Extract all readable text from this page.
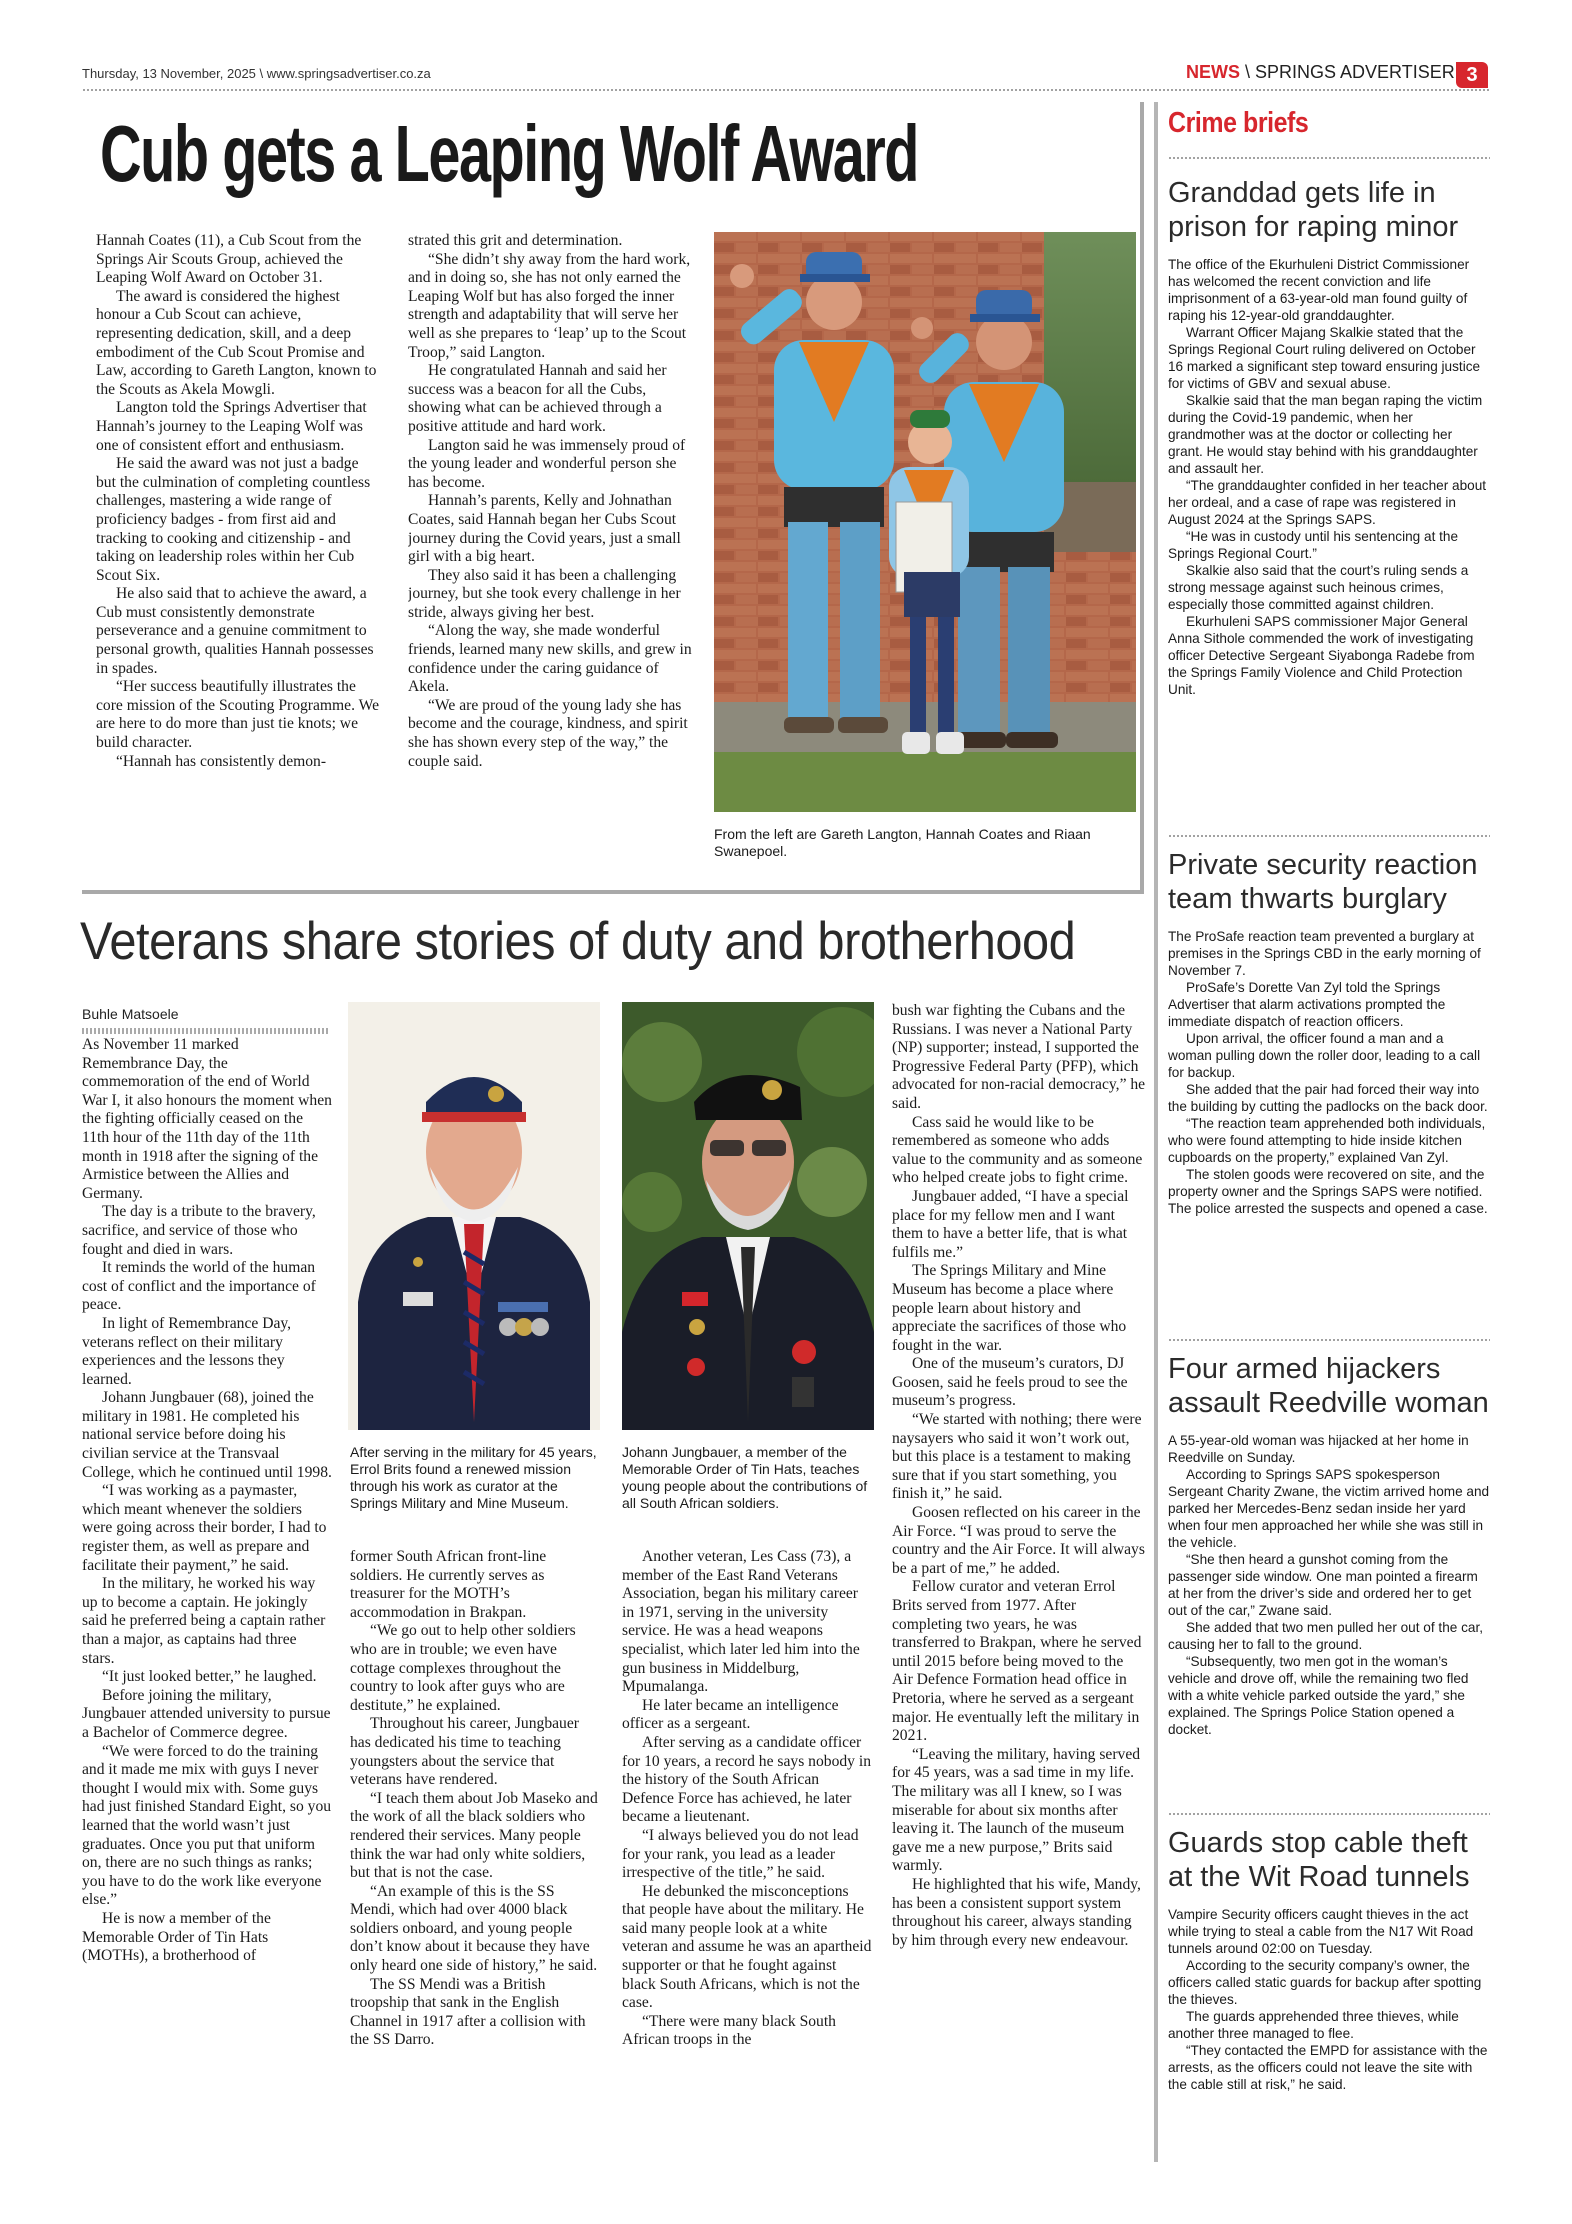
Thursday, 13 November, 2025 \ www.springsadvertiser.co.za	NEWS \ SPRINGS ADVERTISER 3
Cub gets a Leaping Wolf Award

Hannah Coates (11), a Cub Scout from the Springs Air Scouts Group, achieved the Leaping Wolf Award on October 31.

The award is considered the highest honour a Cub Scout can achieve, representing dedication, skill, and a deep embodiment of the Cub Scout Promise and Law, according to Gareth Langton, known to the Scouts as Akela Mowgli.

Langton told the Springs Advertiser that Hannah’s journey to the Leaping Wolf was one of consistent effort and enthusiasm.

He said the award was not just a badge but the culmination of completing countless challenges, mastering a wide range of proficiency badges - from first aid and tracking to cooking and citizenship - and taking on leadership roles within her Cub Scout Six.

He also said that to achieve the award, a Cub must consistently demonstrate perseverance and a genuine commitment to personal growth, qualities Hannah possesses in spades.

“Her success beautifully illustrates the core mission of the Scouting Programme. We are here to do more than just tie knots; we build character.

“Hannah has consistently demon-

strated this grit and determination.

“She didn’t shy away from the hard work, and in doing so, she has not only earned the Leaping Wolf but has also forged the inner strength and adaptability that will serve her well as she prepares to ‘leap’ up to the Scout Troop,” said Langton.

He congratulated Hannah and said her success was a beacon for all the Cubs, showing what can be achieved through a positive attitude and hard work.

Langton said he was immensely proud of the young leader and wonderful person she has become.

Hannah’s parents, Kelly and Johnathan Coates, said Hannah began her Cubs Scout journey during the Covid years, just a small girl with a big heart.

They also said it has been a challenging journey, but she took every challenge in her stride, always giving her best.

“Along the way, she made wonderful friends, learned many new skills, and grew in confidence under the caring guidance of Akela.

“We are proud of the young lady she has become and the courage, kindness, and spirit she has shown every step of the way,” the couple said.

From the left are Gareth Langton, Hannah Coates and Riaan Swanepoel.
Veterans share stories of duty and brotherhood
Buhle Matsoele

As November 11 marked Remembrance Day, the commemoration of the end of World War I, it also honours the moment when the fighting officially ceased on the 11th hour of the 11th day of the 11th month in 1918 after the signing of the Armistice between the Allies and Germany.

The day is a tribute to the bravery, sacrifice, and service of those who fought and died in wars.

It reminds the world of the human cost of conflict and the importance of peace.

In light of Remembrance Day, veterans reflect on their military experiences and the lessons they learned.

Johann Jungbauer (68), joined the military in 1981. He completed his national service before doing his civilian service at the Transvaal College, which he continued until 1998.

“I was working as a paymaster, which meant whenever the soldiers were going across their border, I had to register them, as well as prepare and facilitate their payment,” he said.

In the military, he worked his way up to become a captain. He jokingly said he preferred being a captain rather than a major, as captains had three stars.

“It just looked better,” he laughed.

Before joining the military, Jungbauer attended university to pursue a Bachelor of Commerce degree.

“We were forced to do the training and it made me mix with guys I never thought I would mix with. Some guys had just finished Standard Eight, so you learned that the world wasn’t just graduates. Once you put that uniform on, there are no such things as ranks; you have to do the work like everyone else.”

He is now a member of the Memorable Order of Tin Hats (MOTHs), a brotherhood of

After serving in the military for 45 years, Errol Brits found a renewed mission through his work as curator at the Springs Military and Mine Museum.
Johann Jungbauer, a member of the Memorable Order of Tin Hats, teaches young people about the contributions of all South African soldiers.

former South African front-line soldiers. He currently serves as treasurer for the MOTH’s accommodation in Brakpan.

“We go out to help other soldiers who are in trouble; we even have cottage complexes throughout the country to look after guys who are destitute,” he explained.

Throughout his career, Jungbauer has dedicated his time to teaching youngsters about the service that veterans have rendered.

“I teach them about Job Maseko and the work of all the black soldiers who rendered their services. Many people think the war had only white soldiers, but that is not the case.

“An example of this is the SS Mendi, which had over 4000 black soldiers onboard, and young people don’t know about it because they have only heard one side of history,” he said.

The SS Mendi was a British troopship that sank in the English Channel in 1917 after a collision with the SS Darro.

Another veteran, Les Cass (73), a member of the East Rand Veterans Association, began his military career in 1971, serving in the university service. He was a head weapons specialist, which later led him into the gun business in Middelburg, Mpumalanga.

He later became an intelligence officer as a sergeant.

After serving as a candidate officer for 10 years, a record he says nobody in the history of the South African Defence Force has achieved, he later became a lieutenant.

“I always believed you do not lead for your rank, you lead as a leader irrespective of the title,” he said.

He debunked the misconceptions that people have about the military. He said many people look at a white veteran and assume he was an apartheid supporter or that he fought against black South Africans, which is not the case.

“There were many black South African troops in the

bush war fighting the Cubans and the Russians. I was never a National Party (NP) supporter; instead, I supported the Progressive Federal Party (PFP), which advocated for non-racial democracy,” he said.

Cass said he would like to be remembered as someone who adds value to the community and as someone who helped create jobs to fight crime.

Jungbauer added, “I have a special place for my fellow men and I want them to have a better life, that is what fulfils me.”

The Springs Military and Mine Museum has become a place where people learn about history and appreciate the sacrifices of those who fought in the war.

One of the museum’s curators, DJ Goosen, said he feels proud to see the museum’s progress.

“We started with nothing; there were naysayers who said it won’t work out, but this place is a testament to making sure that if you start something, you finish it,” he said.

Goosen reflected on his career in the Air Force. “I was proud to serve the country and the Air Force. It will always be a part of me,” he added.

Fellow curator and veteran Errol Brits served from 1977. After completing two years, he was transferred to Brakpan, where he served until 2015 before being moved to the Air Defence Formation head office in Pretoria, where he served as a sergeant major. He eventually left the military in 2021.

“Leaving the military, having served for 45 years, was a sad time in my life. The military was all I knew, so I was miserable for about six months after leaving it. The launch of the museum gave me a new purpose,” Brits said warmly.

He highlighted that his wife, Mandy, has been a consistent support system throughout his career, always standing by him through every new endeavour.

Crime briefs
Granddad gets life in prison for raping minor

The office of the Ekurhuleni District Commissioner has welcomed the recent conviction and life imprisonment of a 63-year-old man found guilty of raping his 12-year-old granddaughter.

Warrant Officer Majang Skalkie stated that the Springs Regional Court ruling delivered on October 16 marked a significant step toward ensuring justice for victims of GBV and sexual abuse.

Skalkie said that the man began raping the victim during the Covid-19 pandemic, when her grandmother was at the doctor or collecting her grant. He would stay behind with his granddaughter and assault her.

“The granddaughter confided in her teacher about her ordeal, and a case of rape was registered in August 2024 at the Springs SAPS.

“He was in custody until his sentencing at the Springs Regional Court.”

Skalkie also said that the court’s ruling sends a strong message against such heinous crimes, especially those committed against children.

Ekurhuleni SAPS commissioner Major General Anna Sithole commended the work of investigating officer Detective Sergeant Siyabonga Radebe from the Springs Family Violence and Child Protection Unit.

Private security reaction team thwarts burglary

The ProSafe reaction team prevented a burglary at premises in the Springs CBD in the early morning of November 7.

ProSafe’s Dorette Van Zyl told the Springs Advertiser that alarm activations prompted the immediate dispatch of reaction officers.

Upon arrival, the officer found a man and a woman pulling down the roller door, leading to a call for backup.

She added that the pair had forced their way into the building by cutting the padlocks on the back door.

“The reaction team apprehended both individuals, who were found attempting to hide inside kitchen cupboards on the property,” explained Van Zyl.

The stolen goods were recovered on site, and the property owner and the Springs SAPS were notified. The police arrested the suspects and opened a case.

Four armed hijackers assault Reedville woman

A 55-year-old woman was hijacked at her home in Reedville on Sunday.

According to Springs SAPS spokesperson Sergeant Charity Zwane, the victim arrived home and parked her Mercedes-Benz sedan inside her yard when four men approached her while she was still in the vehicle.

“She then heard a gunshot coming from the passenger side window. One man pointed a firearm at her from the driver’s side and ordered her to get out of the car,” Zwane said.

She added that two men pulled her out of the car, causing her to fall to the ground.

“Subsequently, two men got in the woman’s vehicle and drove off, while the remaining two fled with a white vehicle parked outside the yard,” she explained. The Springs Police Station opened a docket.

Guards stop cable theft at the Wit Road tunnels

Vampire Security officers caught thieves in the act while trying to steal a cable from the N17 Wit Road tunnels around 02:00 on Tuesday.

According to the security company’s owner, the officers called static guards for backup after spotting the thieves.

The guards apprehended three thieves, while another three managed to flee.

“They contacted the EMPD for assistance with the arrests, as the officers could not leave the site with the cable still at risk,” he said.
